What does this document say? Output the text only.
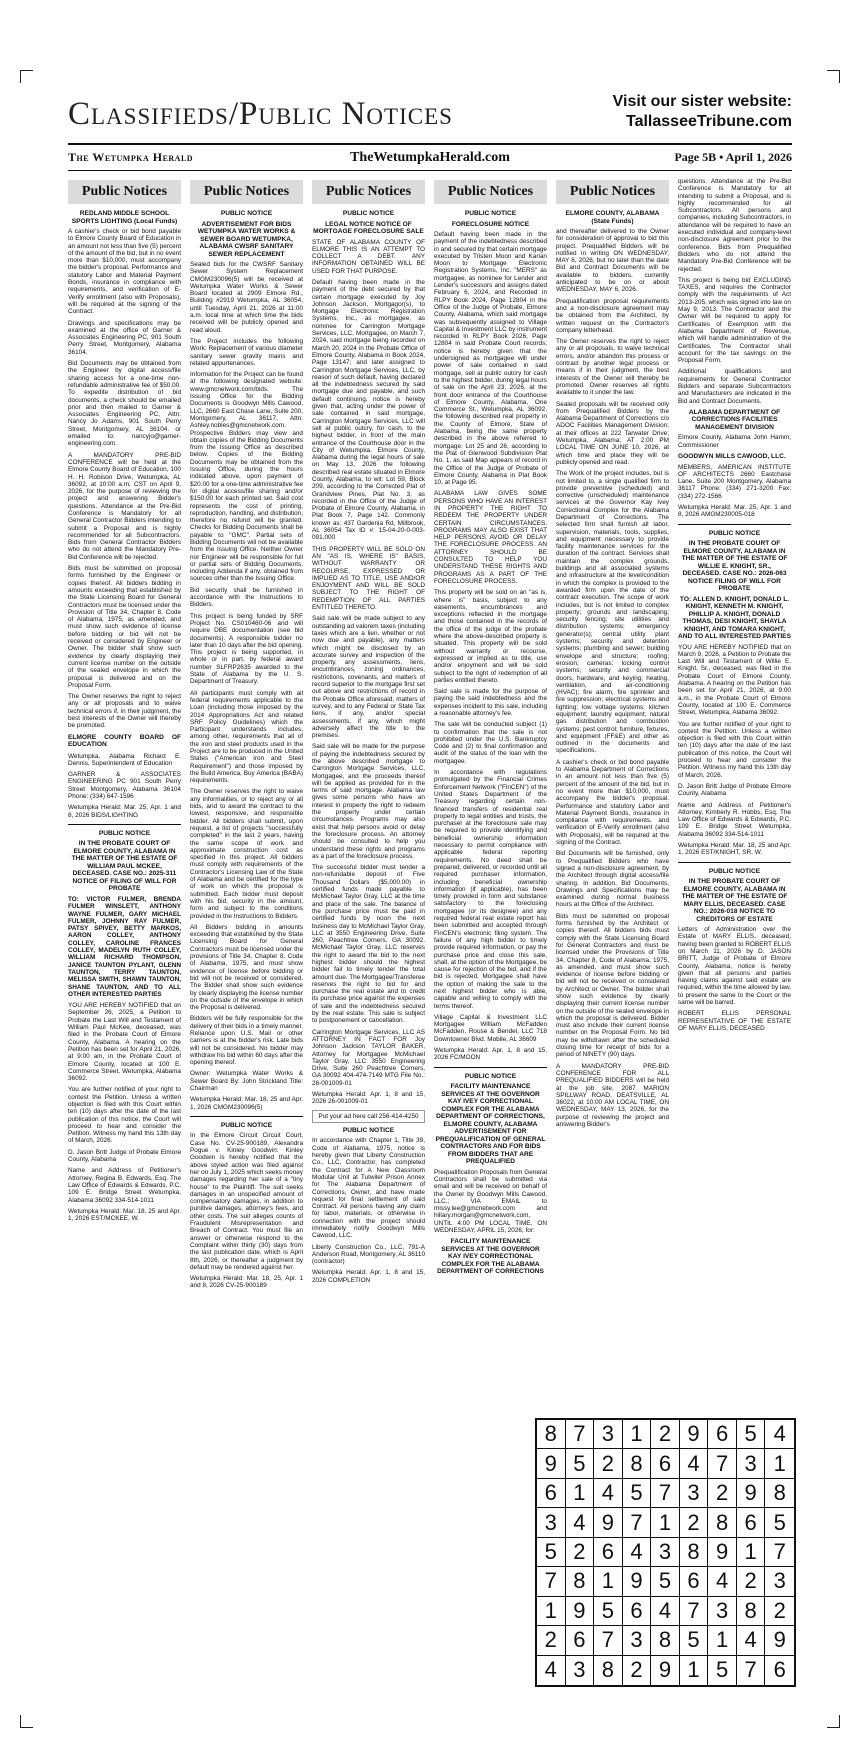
Classifieds/Public Notices	Visit our sister website:
TallasseeTribune.com
The Wetumpka Herald	TheWetumpkaHerald.com	Page 5B • April 1, 2026
Public Notices
REDLAND MIDDLE SCHOOL SPORTS LIGHTING (Local Funds)

A cashier's check or bid bond payable to Elmore County Board of Education in an amount not less than five (5) percent of the amount of the bid, but in no event more than $10,000, must accompany the bidder's proposal. Performance and statutory Labor and Material Payment Bonds, insurance in compliance with requirements, and verification of E-Verify enrollment (also with Proposals), will be required at the signing of the Contract.

Drawings and specifications may be examined at the office of Garner & Associates Engineering PC, 901 South Perry Street, Montgomery, Alabama 36104.

Bid Documents may be obtained from the Engineer by digital access/file sharing access for a one-time non-refundable administrative fee of $50.00. To expedite distribution of bid documents, a check should be emailed prior and then mailed to Garner & Associates Engineering PC, Attn: Nancy Jo Adams, 901 South Perry Street, Montgomery, AL 36104. or emailed to: nancyjo@garner-engineering.com.

A MANDATORY PRE-BID CONFERENCE will be held at the Elmore County Board of Education, 100 H. H. Robison Drive, Wetumpka, AL 36092, at 10:00 a.m. CST on April 9, 2026, for the purpose of reviewing the project and answering Bidder's questions. Attendance at the Pre-Bid Conference is Mandatory for all General Contractor Bidders intending to submit a Proposal and is highly recommended for all Subcontractors. Bids from General Contractor Bidders who do not attend the Mandatory Pre-Bid Conference will be rejected.

Bids must be submitted on proposal forms furnished by the Engineer or copies thereof. All bidders bidding in amounts exceeding that established by the State Licensing Board for General Contractors must be licensed under the Provision of Title 34, Chapter 8, Code of Alabama, 1975, as amended, and must show such evidence of license before bidding or bid will not be received or considered by Engineer or Owner. The bidder shall show such evidence by clearly displaying their current license number on the outside of the sealed envelope in which the proposal is delivered and on the Proposal Form.

The Owner reserves the right to reject any or all proposals and to waive technical errors if, in their judgment, the best interests of the Owner will thereby be promoted.

ELMORE COUNTY BOARD OF EDUCATION

Wetumpka, Alabama Richard E. Dennis, Superintendent of Education

GARNER & ASSOCIATES ENGINEERING PC 901 South Perry Street Montgomery, Alabama 36104 Phone: (334) 647-1596

Wetumpka Herald: Mar. 25, Apr. 1 and 8, 2026 BIDS/LIGHTING

PUBLIC NOTICE
IN THE PROBATE COURT OF ELMORE COUNTY, ALABAMA IN THE MATTER OF THE ESTATE OF WILLIAM PAUL MCKEE, DECEASED. CASE NO.: 2025-311 NOTICE OF FILING OF WILL FOR PROBATE

TO: VICTOR FULMER, BRENDA FULMER WINSLETT, ANTHONY WAYNE FULMER, GARY MICHAEL FULMER, JOHNNY RAY FULMER, PATSY SPIVEY, BETTY MARKOS, AARON COLLEY, ANTHONY COLLEY, CAROLINE FRANCES COLLEY, MADELYN RUTH COLLEY, WILLIAM RICHARD THOMPSON, JANICE TAUNTON PYLANT, GLENN TAUNTON, TERRY TAUNTON, MELISSA SMITH, SHAWN TAUNTON, SHANE TAUNTON, AND TO ALL OTHER INTERESTED PARTIES

YOU ARE HEREBY NOTIFIED that on September 26, 2025, a Petition to Probate the Last Will and Testament of William Paul McKee, deceased, was filed in the Probate Court of Elmore County, Alabama. A hearing on the Petition has been set for April 21, 2026, at 9:00 am, in the Probate Court of Elmore County, located at 100 E. Commerce Street, Wetumpka, Alabama 36092.

You are further notified of your right to contest the Petition. Unless a written objection is filed with this Court within ten (10) days after the date of the last publication of this notice, the Court will proceed to hear and consider the Petition. Witness my hand this 13th day of March, 2026.

D. Jason Britt Judge of Probate Elmore County, Alabama

Name and Address of Petitioner's Attorney, Regina B. Edwards, Esq. The Law Office of Edwards & Edwards, P.C. 109 E. Bridge Street Wetumpka, Alabama 36092 334-514-1011

Wetumpka Herald: Mar. 18, 25 and Apr. 1, 2026 EST/MCKEE, W.

Public Notices
PUBLIC NOTICE
ADVERTISEMENT FOR BIDS WETUMPKA WATER WORKS & SEWER BOARD WETUMPKA, ALABAMA CWSRF SANITARY SEWER REPLACEMENT

Sealed bids for the CWSRF Sanitary Sewer System Replacement CMGM230096(5) will be received at Wetumpka Water Works & Sewer Board located at 2909 Elmore Rd., Building #2919 Wetumpka, AL 36054, until Tuesday, April 21, 2026 at 11:00 a.m. local time at which time the bids received will be publicly opened and read aloud.

The Project includes the following Work: Replacement of various diameter sanitary sewer gravity mains and related appurtenances.

Information for the Project can be found at the following designated website: www.gmcnetwork.com/bids. The Issuing Office for the Bidding Documents is Goodwyn Mills Cawood, LLC, 2660 East Chase Lane, Suite 200, Montgomery, AL 36117, Attn: Ashley.nobles@gmcnetwork.com. Prospective Bidders may view and obtain copies of the Bidding Documents from the Issuing Office as described below. Copies of the Bidding Documents may be obtained from the Issuing Office, during the hours indicated above, upon payment of $20.00 for a one-time administrative fee for digital access/file sharing and/or $150.00 for each printed set. Said cost represents the cost of printing, reproduction, handling, and distribution, therefore no refund will be granted. Checks for Bidding Documents shall be payable to "GMC". Partial sets of Bidding Documents will not be available from the Issuing Office. Neither Owner nor Engineer will be responsible for full or partial sets of Bidding Documents, including Addenda if any, obtained from sources other than the Issuing Office.

Bid security shall be furnished in accordance with the Instructions to Bidders.

This project is being funded by SRF Project No. CS010460-06 and will require DBE documentation (see bid documents). A responsible bidder no later than 10 days after the bid opening. This project is being supported, in whole or in part, by federal award number SLFRP2635 awarded to the State of Alabama by the U. S. Department of Treasury.

All participants must comply with all federal requirements applicable to the Loan (including those imposed by the 2014 Appropriations Act and related SRF Policy Guidelines) which the Participant understands includes, among other, requirements that all of the iron and steel products used in the Project are to be produced in the United States ("American Iron and Steel Requirement") and those imposed by the Build America, Buy America (BABA) requirements.

The Owner reserves the right to waive any informalities, or to reject any or all bids, and to award the contract to the lowest, responsive, and responsible bidder. All bidders shall submit, upon request, a list of projects "successfully completed" in the last 2 years, having the same scope of work and approximate construction cost as specified in this project. All bidders must comply with requirements of the Contractor's Licensing Law of the State of Alabama and be certified for the type of work on which the proposal is submitted. Each bidder must deposit with his bid, security in the amount, form and subject to the conditions provided in the Instructions to Bidders.

All Bidders bidding in amounts exceeding that established by the State Licensing Board for General Contractors must be licensed under the provisions of Title 34, Chapter 8, Code of Alabama, 1975, and must show evidence of license before bidding or bid will not be received or considered. The Bidder shall show such evidence by clearly displaying the license number on the outside of the envelope in which the Proposal is delivered.

Bidders will be fully responsible for the delivery of their bids in a timely manner. Reliance upon U.S. Mail or other carriers is at the bidder's risk. Late bids will not be considered. No bidder may withdraw his bid within 60 days after the opening thereof.

Owner: Wetumpka Water Works & Sewer Board By: John Strickland Title: Chairman

Wetumpka Herald: Mar. 18, 25 and Apr. 1, 2026 CMGM230096(5)

PUBLIC NOTICE

In the Elmore Circuit Circuit Court, Case No. CV-25-900189, Alexandra Pogue v. Kinley Goodwin: Kinley Goodwin is hereby notified that the above styled action was filed against her on July 1, 2025 which seeks money damages regarding her sale of a "tiny house" to the Plaintiff. The suit seeks damages in an unspecified amount of compensatory damages, in addition to punitive damages, attorney's fees, and other costs. The suit alleges counts of Fraudulent Misrepresentation and Breach of Contract. You must file an answer or otherwise respond to the Complaint within thirty (30) days from the last publication date, which is April 8th, 2026, or thereafter a judgment by default may be rendered against her.

Wetumpka Herald: Mar. 18, 25, Apr. 1 and 8, 2026 CV-25-900189

Public Notices
PUBLIC NOTICE
LEGAL NOTICE NOTICE OF MORTGAGE FORECLOSURE SALE

STATE OF ALABAMA COUNTY OF ELMORE THIS IS AN ATTEMPT TO COLLECT A DEBT. ANY INFORMATION OBTAINED WILL BE USED FOR THAT PURPOSE.

Default having been made in the payment of the debt secured by that certain mortgage executed by Joy Johnson Jackson, Mortgagor(s), to Mortgage Electronic Registration Systems, Inc., as mortgagee, as nominee for Carrington Mortgage Services, LLC, Mortgagee, on March 7, 2024, said mortgage being recorded on March 20, 2024 in the Probate Office of Elmore County, Alabama in Book 2024, Page 13147; and later assigned to Carrington Mortgage Services, LLC, by reason of such default, having declared all the indebtedness secured by said mortgage due and payable, and such default continuing, notice is hereby given that, acting under the power of sale contained in said mortgage, Carrington Mortgage Services, LLC will sell at public outcry, for cash, to the highest bidder, in front of the main entrance of the Courthouse door in the City of Wetumpka, Elmore County, Alabama during the legal hours of sale on May 13, 2026 the following described real estate situated in Elmore County, Alabama, to wit: Lot 59, Block 209, according to the Corrected Plat of Grandview Pines, Plat No. 3, as recorded in the Office of the Judge of Probate of Elmore County, Alabama, in Plat Book 7, Page 142. Commonly known as: 437 Gardenia Rd, Millbrook, AL 36054 Tax ID #: 15-04-20-0-003-091.000

THIS PROPERTY WILL BE SOLD ON AN "AS IS, WHERE IS" BASIS, WITHOUT WARRANTY OR RECOURSE, EXPRESSED OR IMPLIED AS TO TITLE, USE AND/OR ENJOYMENT AND WILL BE SOLD SUBJECT TO THE RIGHT OF REDEMPTION OF ALL PARTIES ENTITLED THERETO.

Said sale will be made subject to any outstanding ad valorem taxes (including taxes which are a lien, whether or not now due and payable), any matters which might be disclosed by an accurate survey and inspection of the property, any assessments, liens, encumbrances, zoning ordinances, restrictions, covenants, and matters of record superior to the mortgage first set out above and restrictions of record in the Probate Office aforesaid, matters of survey, and to any Federal or State Tax liens, if any, and/or special assessments, if any, which might adversely affect the title to the premises.

Said sale will be made for the purpose of paying the indebtedness secured by the above described mortgage to Carrington Mortgage Services, LLC, Mortgagee, and the proceeds thereof will be applied as provided for in the terms of said mortgage. Alabama law gives some persons who have an interest in property the right to redeem the property under certain circumstances. Programs may also exist that help persons avoid or delay the foreclosure process. An attorney should be consulted to help you understand these rights and programs as a part of the foreclosure process.

The successful bidder must tender a non-refundable deposit of Five Thousand Dollars ($5,000.00) in certified funds made payable to McMichael Taylor Gray, LLC at the time and place of the sale. The balance of the purchase price must be paid in certified funds by noon the next business day to McMichael Taylor Gray, LLC at 3550 Engineering Drive, Suite 260, Peachtree Corners, GA 30092. McMichael Taylor Gray, LLC reserves the right to award the bid to the next highest bidder should the highest bidder fail to timely tender the total amount due. The Mortgagee/Transferee reserves the right to bid for and purchase the real estate and to credit its purchase price against the expenses of sale and the indebtedness secured by the real estate. This sale is subject to postponement or cancellation.

Carrington Mortgage Services, LLC AS ATTORNEY IN FACT FOR Joy Johnson Jackson TAYLOR BAKER, Attorney for Mortgagee McMichael Taylor Gray, LLC 3550 Engineering Drive, Suite 260 Peachtree Corners, GA 30092 404-474-7149 MTG File No.: 26-001009-01

Wetumpka Herald: Apr. 1, 8 and 15, 2026 26-001009-01

Put your ad here call 256-414-4250
PUBLIC NOTICE

In accordance with Chapter 1, Title 39, Code of Alabama, 1975, notice is hereby given that Liberty Construction Co., LLC, Contractor, has completed the Contract for A New Classroom Modular Unit at Tutwiler Prison Annex for The Alabama Department of Corrections, Owner, and have made request for final settlement of said Contract. All persons having any claim for labor, materials, or otherwise in connection with the project should immediately notify Goodwyn Mills Cawood, LLC.

Liberty Construction Co., LLC, 791-A Anderson Road, Montgomery, AL 36110 (contractor)

Wetumpka Herald: Apr. 1, 8 and 15, 2026 COMPLETION

Public Notices
PUBLIC NOTICE
FORECLOSURE NOTICE

Default having been made in the payment of the indebtedness described in and secured by that certain mortgage executed by Tristen Moon and Karian Moon to Mortgage Electronic Registration Systems, Inc. "MERS" as mortgagee, as nominee for Lender and Lender's successors and assigns dated February 6, 2024, and Recorded in RLPY Book 2024, Page 12804 in the Office of the Judge of Probate, Elmore County, Alabama, which said mortgage was subsequently assigned to Village Capital & Investment LLC by instrument recorded in RLPY Book 2026, Page 12804 in said Probate Court records; notice is hereby given that the undersigned as mortgagee will under power of sale contained in said mortgage, sell at public outcry for cash to the highest bidder, during legal hours of sale on the April 23, 2026, at the front door entrance of the Courthouse of Elmore County, Alabama, One Commerce St., Wetumpka, AL 36092, the following described real property in the County of Elmore, State of Alabama, being the same property described in the above referred to mortgage: Lot 25 and 26, according to the Plat of Glenwood Subdivision Plat No. 1, as said Map appears of record in the Office of the Judge of Probate of Elmore County, Alabama in Plat Book 10, at Page 95.

ALABAMA LAW GIVES SOME PERSONS WHO HAVE AN INTEREST IN PROPERTY THE RIGHT TO REDEEM THE PROPERTY UNDER CERTAIN CIRCUMSTANCES. PROGRAMS MAY ALSO EXIST THAT HELP PERSONS AVOID OR DELAY THE FORECLOSURE PROCESS. AN ATTORNEY SHOULD BE CONSULTED TO HELP YOU UNDERSTAND THESE RIGHTS AND PROGRAMS AS A PART OF THE FORECLOSURE PROCESS.

This property will be sold on an "as is, where is" basis, subject to any easements, encumbrances and exceptions reflected in the mortgage and those contained in the records of the office of the judge of the probate where the above-described property is situated. This property will be sold without warranty or recourse, expressed or implied as to title, use and/or enjoyment and will be sold subject to the right of redemption of all parties entitled thereto.

Said sale is made for the purpose of paying the said indebtedness and the expenses incident to this sale, including a reasonable attorney's fee.

The sale will be conducted subject (1) to confirmation that the sale is not prohibited under the U.S. Bankruptcy Code and (2) to final confirmation and audit of the status of the loan with the mortgagee.

In accordance with regulations promulgated by the Financial Crimes Enforcement Network ("FinCEN") of the United States Department of the Treasury regarding certain non-financed transfers of residential real property to legal entities and trusts, the purchaser at the foreclosure sale may be required to provide identifying and beneficial ownership information necessary to permit compliance with applicable federal reporting requirements. No deed shall be prepared, delivered, or recorded until all required purchaser information, including beneficial ownership information (if applicable), has been timely provided in form and substance satisfactory to the foreclosing mortgagee (or its designee) and any required federal real estate report has been submitted and accepted through FinCEN's electronic filing system. The failure of any high bidder to timely provide required information, or pay the purchase price and close this sale, shall, at the option of the Mortgagee, be cause for rejection of the bid, and if the bid is rejected, Mortgagee shall have the option of making the sale to the next highest bidder who is able, capable and willing to comply with the terms thereof.

Village Capital & Investment LLC Mortgagee William McFadden McFadden, Rouse & Bendel, LLC 718 Downtowner Blvd. Mobile, AL 36609

Wetumpka Herald: Apr. 1, 8 and 15, 2026 FC/MOON

PUBLIC NOTICE
FACILITY MAINTENANCE SERVICES AT THE GOVERNOR KAY IVEY CORRECTIONAL COMPLEX FOR THE ALABAMA DEPARTMENT OF CORRECTIONS, ELMORE COUNTY, ALABAMA ADVERTISEMENT FOR PREQUALIFICATION OF GENERAL CONTRACTORS AND FOR BIDS FROM BIDDERS THAT ARE PREQUALIFIED

Prequalification Proposals from General Contractors shall be submitted via email and will be received on behalf of the Owner by Goodwyn Mills Cawood, LLC.; VIA EMAIL to missy.lee@gmcnetwork.com and hillary.morgan@gmcnetwork.com, UNTIL 4:00 PM LOCAL TIME, ON WEDNESDAY, APRIL 15, 2026, for:

FACILITY MAINTENANCE SERVICES AT THE GOVERNOR KAY IVEY CORRECTIONAL COMPLEX FOR THE ALABAMA DEPARTMENT OF CORRECTIONS
Public Notices
ELMORE COUNTY, ALABAMA (State Funds)

and thereafter delivered to the Owner for consideration of approval to bid this project. Prequalified Bidders will be notified in writing ON WEDNESDAY, MAY 6, 2026, but no later than the date Bid and Contract Documents will be available to bidders, currently anticipated to be on or about WEDNESDAY, MAY 6, 2026.

Prequalification proposal requirements and a non-disclosure agreement may be obtained from the Architect, by written request on the Contractor's company letterhead.

The Owner reserves the right to reject any or all proposals, to waive technical errors, and/or abandon this process or contract by another legal process or means if in their judgment, the best interests of the Owner will thereby be promoted. Owner reserves all rights available to it under the law.

Sealed proposals will be received only from Prequalified Bidders by the Alabama Department of Corrections c/o ADOC Facilities Management Division; at their offices at 222 Tarwater Drive; Wetumpka, Alabama; AT 2:00 PM LOCAL TIME ON JUNE 10, 2026, at which time and place they will be publicly opened and read.

The Work of the project includes, but is not limited to, a single qualified firm to provide preventive (scheduled) and corrective (unscheduled) maintenance services at the Governor Kay Ivey Correctional Complex for the Alabama Department of Corrections. The selected firm shall furnish all labor, supervision, materials, tools, supplies, and equipment necessary to provide facility maintenance services for the duration of the contract. Services shall maintain the complex grounds, buildings and all associated systems and infrastructure at the level/condition in which the complex is provided to the awarded firm upon the date of the contract execution. The scope of work includes, but is not limited to complex property; grounds and landscaping; security fencing; site utilities and distribution systems; emergency generator(s); central utility plant systems; security and detention systems; plumbing and sewer; building envelope and structure; roofing; erosion; cameras; locking control systems; security and commercial doors, hardware, and keying; heating, ventilation, and air-conditioning (HVAC); fire alarm, fire sprinkler and fire suppression; electrical systems and lighting; low voltage systems; kitchen equipment; laundry equipment; natural gas distribution and combustion systems; pest control; furniture, fixtures, and equipment (FF&E) and other as outlined in the documents and specifications.

A cashier's check or bid bond payable to Alabama Department of Corrections in an amount not less than five (5) percent of the amount of the bid, but in no event more than $10,000, must accompany the bidder's proposal. Performance and statutory Labor and Material Payment Bonds, insurance in compliance with requirements, and verification of E-Verify enrollment (also with Proposals), will be required at the signing of the Contract.

Bid Documents will be furnished, only to Prequalified Bidders who have signed a non-disclosure agreement, by the Architect through digital access/file sharing. In addition, Bid Documents, Drawings and Specifications may be examined during normal business hours at the Office of the Architect.

Bids must be submitted on proposal forms furnished by the Architect or copies thereof. All bidders bids must comply with the State Licensing Board for General Contractors and must be licensed under the Provisions of Title 34, Chapter 8, Code of Alabama, 1975, as amended, and must show such evidence of license before bidding or bid will not be received or considered by Architect or Owner. The bidder shall show such evidence by clearly displaying their current license number on the outside of the sealed envelope in which the proposal is delivered. Bidder must also include their current license number on the Proposal Form. No bid may be withdrawn after the scheduled closing time for receipt of bids for a period of NINETY (90) days.

A MANDATORY PRE-BID CONFERENCE FOR ALL PREQUALIFIED BIDDERS will be held at the job site, 2087 MARION SPILLWAY ROAD, DEATSVILLE, AL 36022, at 10:00 AM LOCAL TIME, ON WEDNESDAY, MAY 13, 2026, for the purpose of reviewing the project and answering Bidder's

questions. Attendance at the Pre-Bid Conference is Mandatory for all intending to submit a Proposal, and is highly recommended for all Subcontractors. All persons and companies, including Subcontractors, in attendance will be required to have an executed individual and company-level non-disclosure agreement prior to the conference. Bids from Prequalified Bidders who do not attend the Mandatory Pre-Bid Conference will be rejected.

This project is being bid EXCLUDING TAXES, and requires the Contractor comply with the requirements of Act 2013-205, which was signed into law on May 9, 2013. The Contractor and the Owner will be required to apply for Certificates of Exemption with the Alabama Department of Revenue, which will handle administration of the Certificates. The Contractor shall account for the tax savings on the Proposal Form.

Additional qualifications and requirements for General Contractor Bidders and separate Subcontractors and Manufacturers are indicated in the Bid and Contract Documents.

ALABAMA DEPARTMENT OF CORRECTIONS FACILITIES MANAGEMENT DIVISION

Elmore County, Alabama John Hamm, Commissioner

GOODWYN MILLS CAWOOD, LLC.

MEMBERS, AMERICAN INSTITUTE OF ARCHITECTS 2660 Eastchase Lane, Suite 200 Montgomery, Alabama 36117 Phone: (334) 271-3200 Fax: (334) 272-1566

Wetumpka Herald: Mar. 25, Apr. 1 and 8, 2026 AMGM230005-018

PUBLIC NOTICE
IN THE PROBATE COURT OF ELMORE COUNTY, ALABAMA IN THE MATTER OF THE ESTATE OF WILLIE E. KNIGHT, SR., DECEASED. CASE NO.: 2026-063 NOTICE FILING OF WILL FOR PROBATE
TO: ALLEN D. KNIGHT, DONALD L. KNIGHT, KENNETH M. KNIGHT, PHILLIP A. KNIGHT, DONALD THOMAS, DESI KNIGHT, SHAYLA KNIGHT, AND TOMARA KNIGHT, AND TO ALL INTERESTED PARTIES

YOU ARE HEREBY NOTIFIED that on March 9, 2026, a Petition to Probate the Last Will and Testament of Willie E. Knight, Sr., deceased, was filed in the Probate Court of Elmore County, Alabama. A hearing on the Petition has been set for April 21, 2026, at 9:00 a.m., in the Probate Court of Elmore County, located at 100 E. Commerce Street, Wetumpka, Alabama 36092.

You are further notified of your right to contest the Petition. Unless a written objection is filed with this Court within ten (10) days after the date of the last publication of this notice, the Court will proceed to hear and consider the Petition. Witness my hand this 13th day of March, 2026.

D. Jason Britt Judge of Probate Elmore County, Alabama

Name and Address of Petitioner's Attorney, Kimberly R. Hobbs, Esq. The Law Office of Edwards & Edwards, P.C. 109 E. Bridge Street Wetumpka, Alabama 36092 334-514-1011

Wetumpka Herald: Mar. 18, 25 and Apr. 1, 2026 EST/KNIGHT, SR. W.

PUBLIC NOTICE
IN THE PROBATE COURT OF ELMORE COUNTY, ALABAMA IN THE MATTER OF THE ESTATE OF MARY ELLIS, DECEASED. CASE NO.: 2026-018 NOTICE TO CREDITORS OF ESTATE

Letters of Administration over the Estate of MARY ELLIS, deceased, having been granted to ROBERT ELLIS on March 11, 2026 by D. JASON BRITT, Judge of Probate of Elmore County, Alabama, notice is hereby given that all persons and parties having claims against said estate are required, within the time allowed by law, to present the same to the Court or the same will be barred.

ROBERT ELLIS PERSONAL REPRESENTATIVE OF THE ESTATE OF MARY ELLIS, DECEASED

8 7 3 1 2 9 6 5 4
9 5 2 8 6 4 7 3 1
6 1 4 5 7 3 2 9 8
3 4 9 7 1 2 8 6 5
5 2 6 4 3 8 9 1 7
7 8 1 9 5 6 4 2 3
1 9 5 6 4 7 3 8 2
2 6 7 3 8 5 1 4 9
4 3 8 2 9 1 5 7 6
